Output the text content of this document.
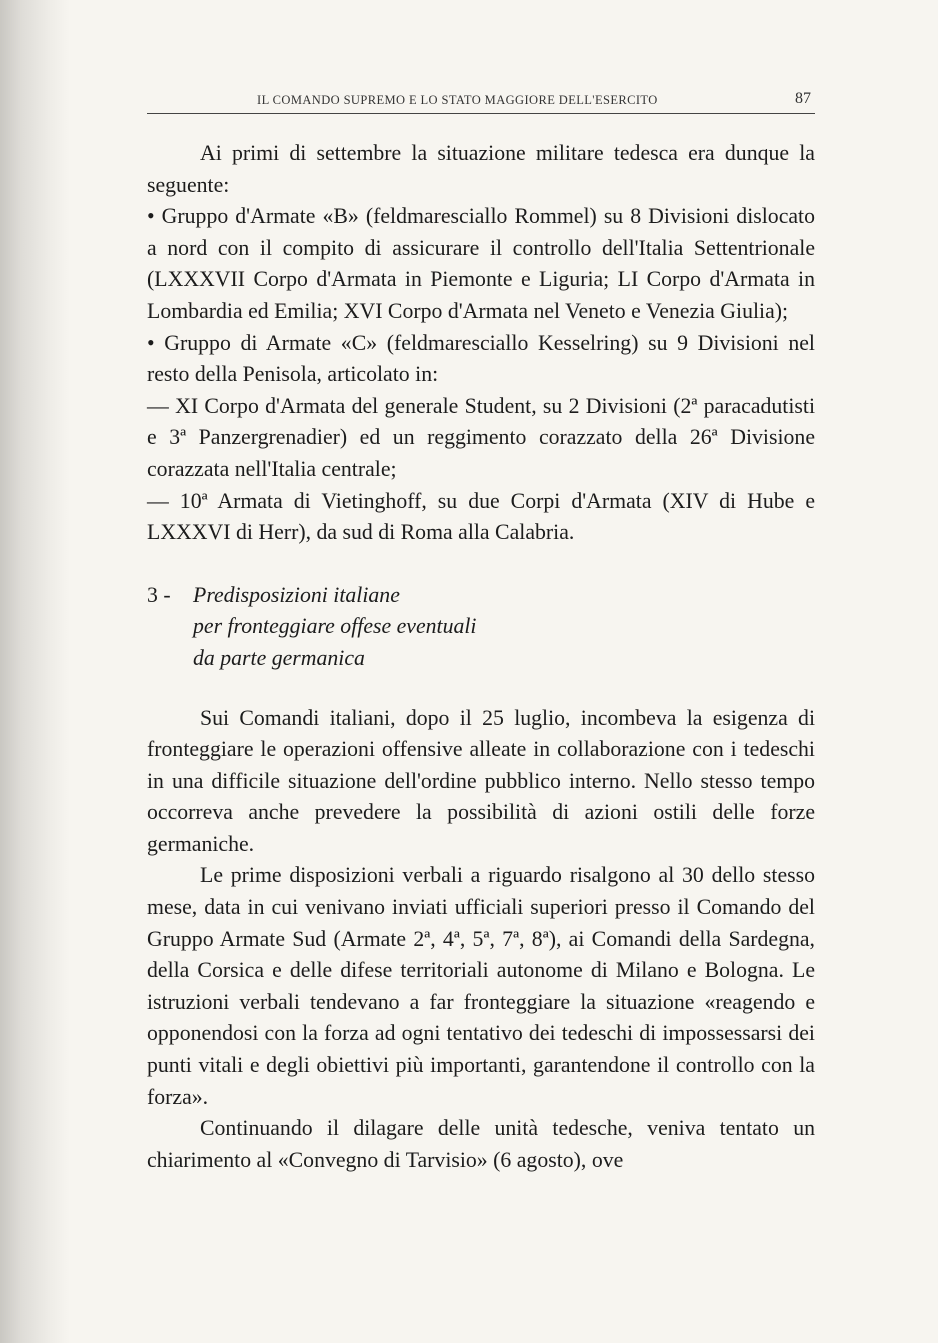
IL COMANDO SUPREMO E LO STATO MAGGIORE DELL'ESERCITO	87

Ai primi di settembre la situazione militare tedesca era dunque la seguente:

• Gruppo d'Armate «B» (feldmaresciallo Rommel) su 8 Divisioni dislocato a nord con il compito di assicurare il controllo dell'Italia Settentrionale (LXXXVII Corpo d'Armata in Piemonte e Liguria; LI Corpo d'Armata in Lombardia ed Emilia; XVI Corpo d'Armata nel Veneto e Venezia Giulia);

• Gruppo di Armate «C» (feldmaresciallo Kesselring) su 9 Divisioni nel resto della Penisola, articolato in:

— XI Corpo d'Armata del generale Student, su 2 Divisioni (2ª paracadutisti e 3ª Panzergrenadier) ed un reggimento corazzato della 26ª Divisione corazzata nell'Italia centrale;

— 10ª Armata di Vietinghoff, su due Corpi d'Armata (XIV di Hube e LXXXVI di Herr), da sud di Roma alla Calabria.

3 -	Predisposizioni italiane
per fronteggiare offese eventuali
da parte germanica

Sui Comandi italiani, dopo il 25 luglio, incombeva la esigenza di fronteggiare le operazioni offensive alleate in collaborazione con i tedeschi in una difficile situazione dell'ordine pubblico interno. Nello stesso tempo occorreva anche prevedere la possibilità di azioni ostili delle forze germaniche.

Le prime disposizioni verbali a riguardo risalgono al 30 dello stesso mese, data in cui venivano inviati ufficiali superiori presso il Comando del Gruppo Armate Sud (Armate 2ª, 4ª, 5ª, 7ª, 8ª), ai Comandi della Sardegna, della Corsica e delle difese territoriali autonome di Milano e Bologna. Le istruzioni verbali tendevano a far fronteggiare la situazione «reagendo e opponendosi con la forza ad ogni tentativo dei tedeschi di impossessarsi dei punti vitali e degli obiettivi più importanti, garantendone il controllo con la forza».

Continuando il dilagare delle unità tedesche, veniva tentato un chiarimento al «Convegno di Tarvisio» (6 agosto), ove
